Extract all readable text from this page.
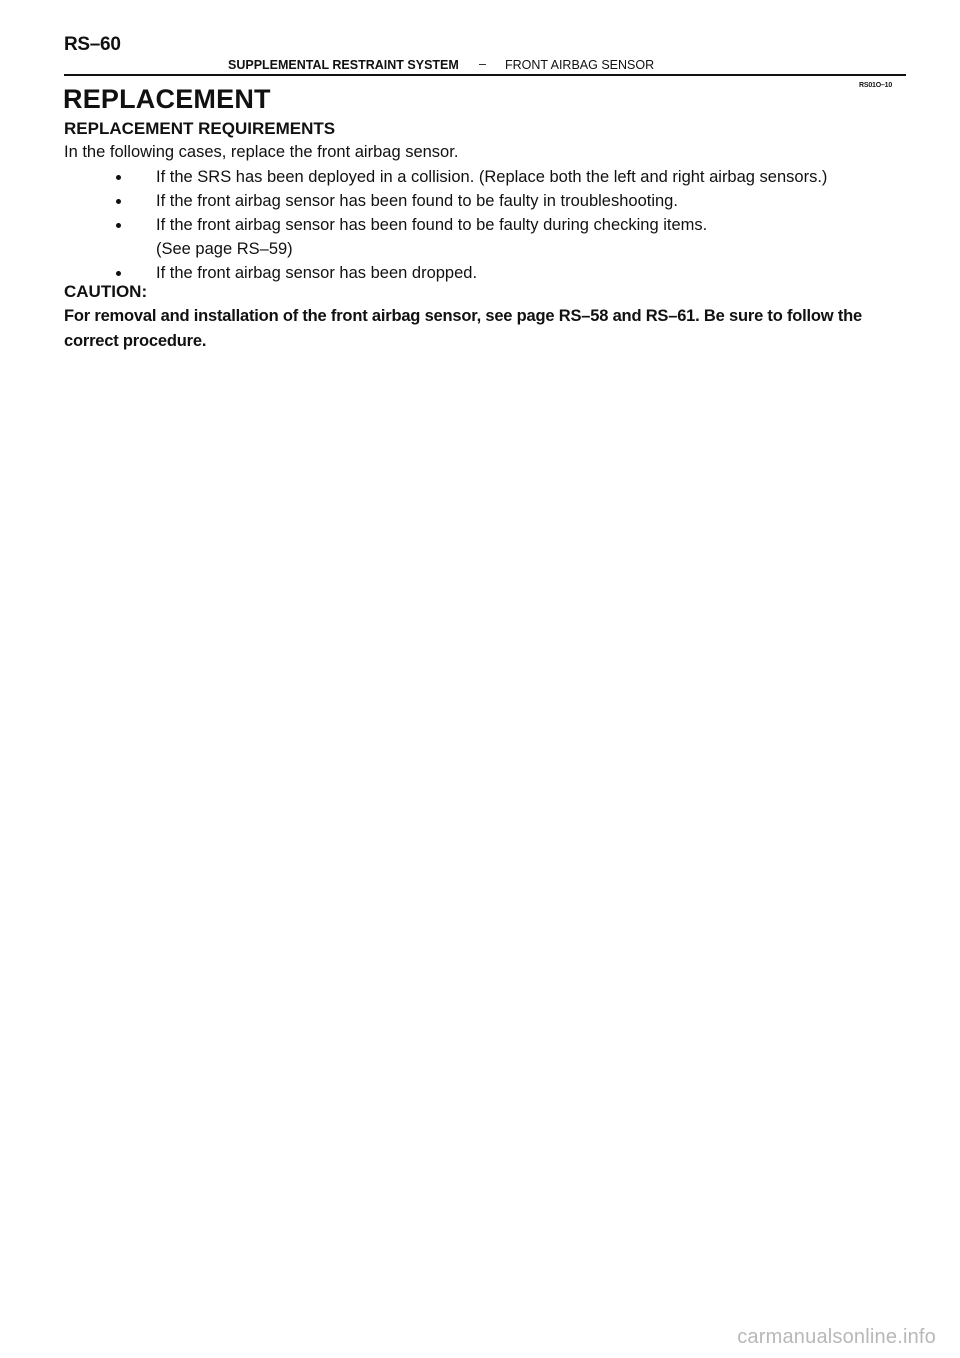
RS–60
SUPPLEMENTAL RESTRAINT SYSTEM – FRONT AIRBAG SENSOR
RS01O–10
REPLACEMENT
REPLACEMENT REQUIREMENTS
In the following cases, replace the front airbag sensor.
If the SRS has been deployed in a collision. (Replace both the left and right airbag sensors.)
If the front airbag sensor has been found to be faulty in troubleshooting.
If the front airbag sensor has been found to be faulty during checking items.
(See page RS–59)
If the front airbag sensor has been dropped.
CAUTION:
For removal and installation of the front airbag sensor, see page RS–58 and RS–61. Be sure to follow the correct procedure.
carmanualsonline.info
